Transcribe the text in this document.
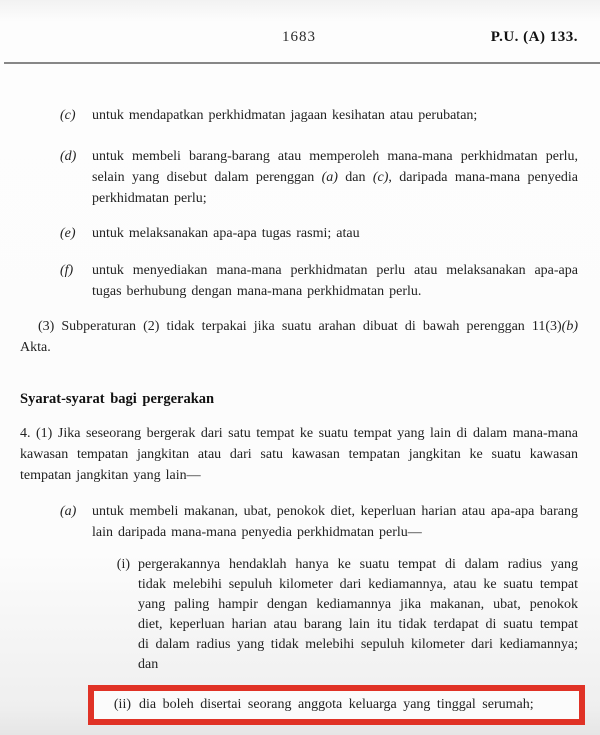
1683	P.U. (A) 133.
(c) untuk mendapatkan perkhidmatan jagaan kesihatan atau perubatan;
(d) untuk membeli barang-barang atau memperoleh mana-mana perkhidmatan perlu, selain yang disebut dalam perenggan (a) dan (c), daripada mana-mana penyedia perkhidmatan perlu;
(e) untuk melaksanakan apa-apa tugas rasmi; atau
(f) untuk menyediakan mana-mana perkhidmatan perlu atau melaksanakan apa-apa tugas berhubung dengan mana-mana perkhidmatan perlu.

(3) Subperaturan (2) tidak terpakai jika suatu arahan dibuat di bawah perenggan 11(3)(b) Akta.

Syarat-syarat bagi pergerakan

4. (1) Jika seseorang bergerak dari satu tempat ke suatu tempat yang lain di dalam mana-mana kawasan tempatan jangkitan atau dari satu kawasan tempatan jangkitan ke suatu kawasan tempatan jangkitan yang lain—

(a) untuk membeli makanan, ubat, penokok diet, keperluan harian atau apa-apa barang lain daripada mana-mana penyedia perkhidmatan perlu—
(i) pergerakannya hendaklah hanya ke suatu tempat di dalam radius yang tidak melebihi sepuluh kilometer dari kediamannya, atau ke suatu tempat yang paling hampir dengan kediamannya jika makanan, ubat, penokok diet, keperluan harian atau barang lain itu tidak terdapat di suatu tempat di dalam radius yang tidak melebihi sepuluh kilometer dari kediamannya; dan
(ii) dia boleh disertai seorang anggota keluarga yang tinggal serumah;
